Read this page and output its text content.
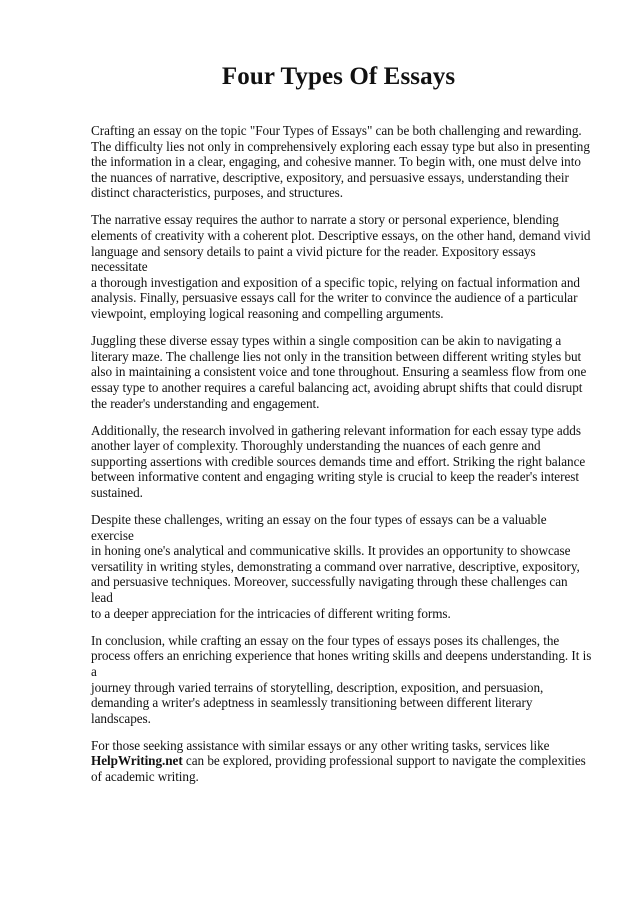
Four Types Of Essays

Crafting an essay on the topic "Four Types of Essays" can be both challenging and rewarding.
The difficulty lies not only in comprehensively exploring each essay type but also in presenting
the information in a clear, engaging, and cohesive manner. To begin with, one must delve into
the nuances of narrative, descriptive, expository, and persuasive essays, understanding their
distinct characteristics, purposes, and structures.

The narrative essay requires the author to narrate a story or personal experience, blending
elements of creativity with a coherent plot. Descriptive essays, on the other hand, demand vivid
language and sensory details to paint a vivid picture for the reader. Expository essays necessitate
a thorough investigation and exposition of a specific topic, relying on factual information and
analysis. Finally, persuasive essays call for the writer to convince the audience of a particular
viewpoint, employing logical reasoning and compelling arguments.

Juggling these diverse essay types within a single composition can be akin to navigating a
literary maze. The challenge lies not only in the transition between different writing styles but
also in maintaining a consistent voice and tone throughout. Ensuring a seamless flow from one
essay type to another requires a careful balancing act, avoiding abrupt shifts that could disrupt
the reader's understanding and engagement.

Additionally, the research involved in gathering relevant information for each essay type adds
another layer of complexity. Thoroughly understanding the nuances of each genre and
supporting assertions with credible sources demands time and effort. Striking the right balance
between informative content and engaging writing style is crucial to keep the reader's interest
sustained.

Despite these challenges, writing an essay on the four types of essays can be a valuable exercise
in honing one's analytical and communicative skills. It provides an opportunity to showcase
versatility in writing styles, demonstrating a command over narrative, descriptive, expository,
and persuasive techniques. Moreover, successfully navigating through these challenges can lead
to a deeper appreciation for the intricacies of different writing forms.

In conclusion, while crafting an essay on the four types of essays poses its challenges, the
process offers an enriching experience that hones writing skills and deepens understanding. It is a
journey through varied terrains of storytelling, description, exposition, and persuasion,
demanding a writer's adeptness in seamlessly transitioning between different literary landscapes.

For those seeking assistance with similar essays or any other writing tasks, services like
HelpWriting.net can be explored, providing professional support to navigate the complexities
of academic writing.
